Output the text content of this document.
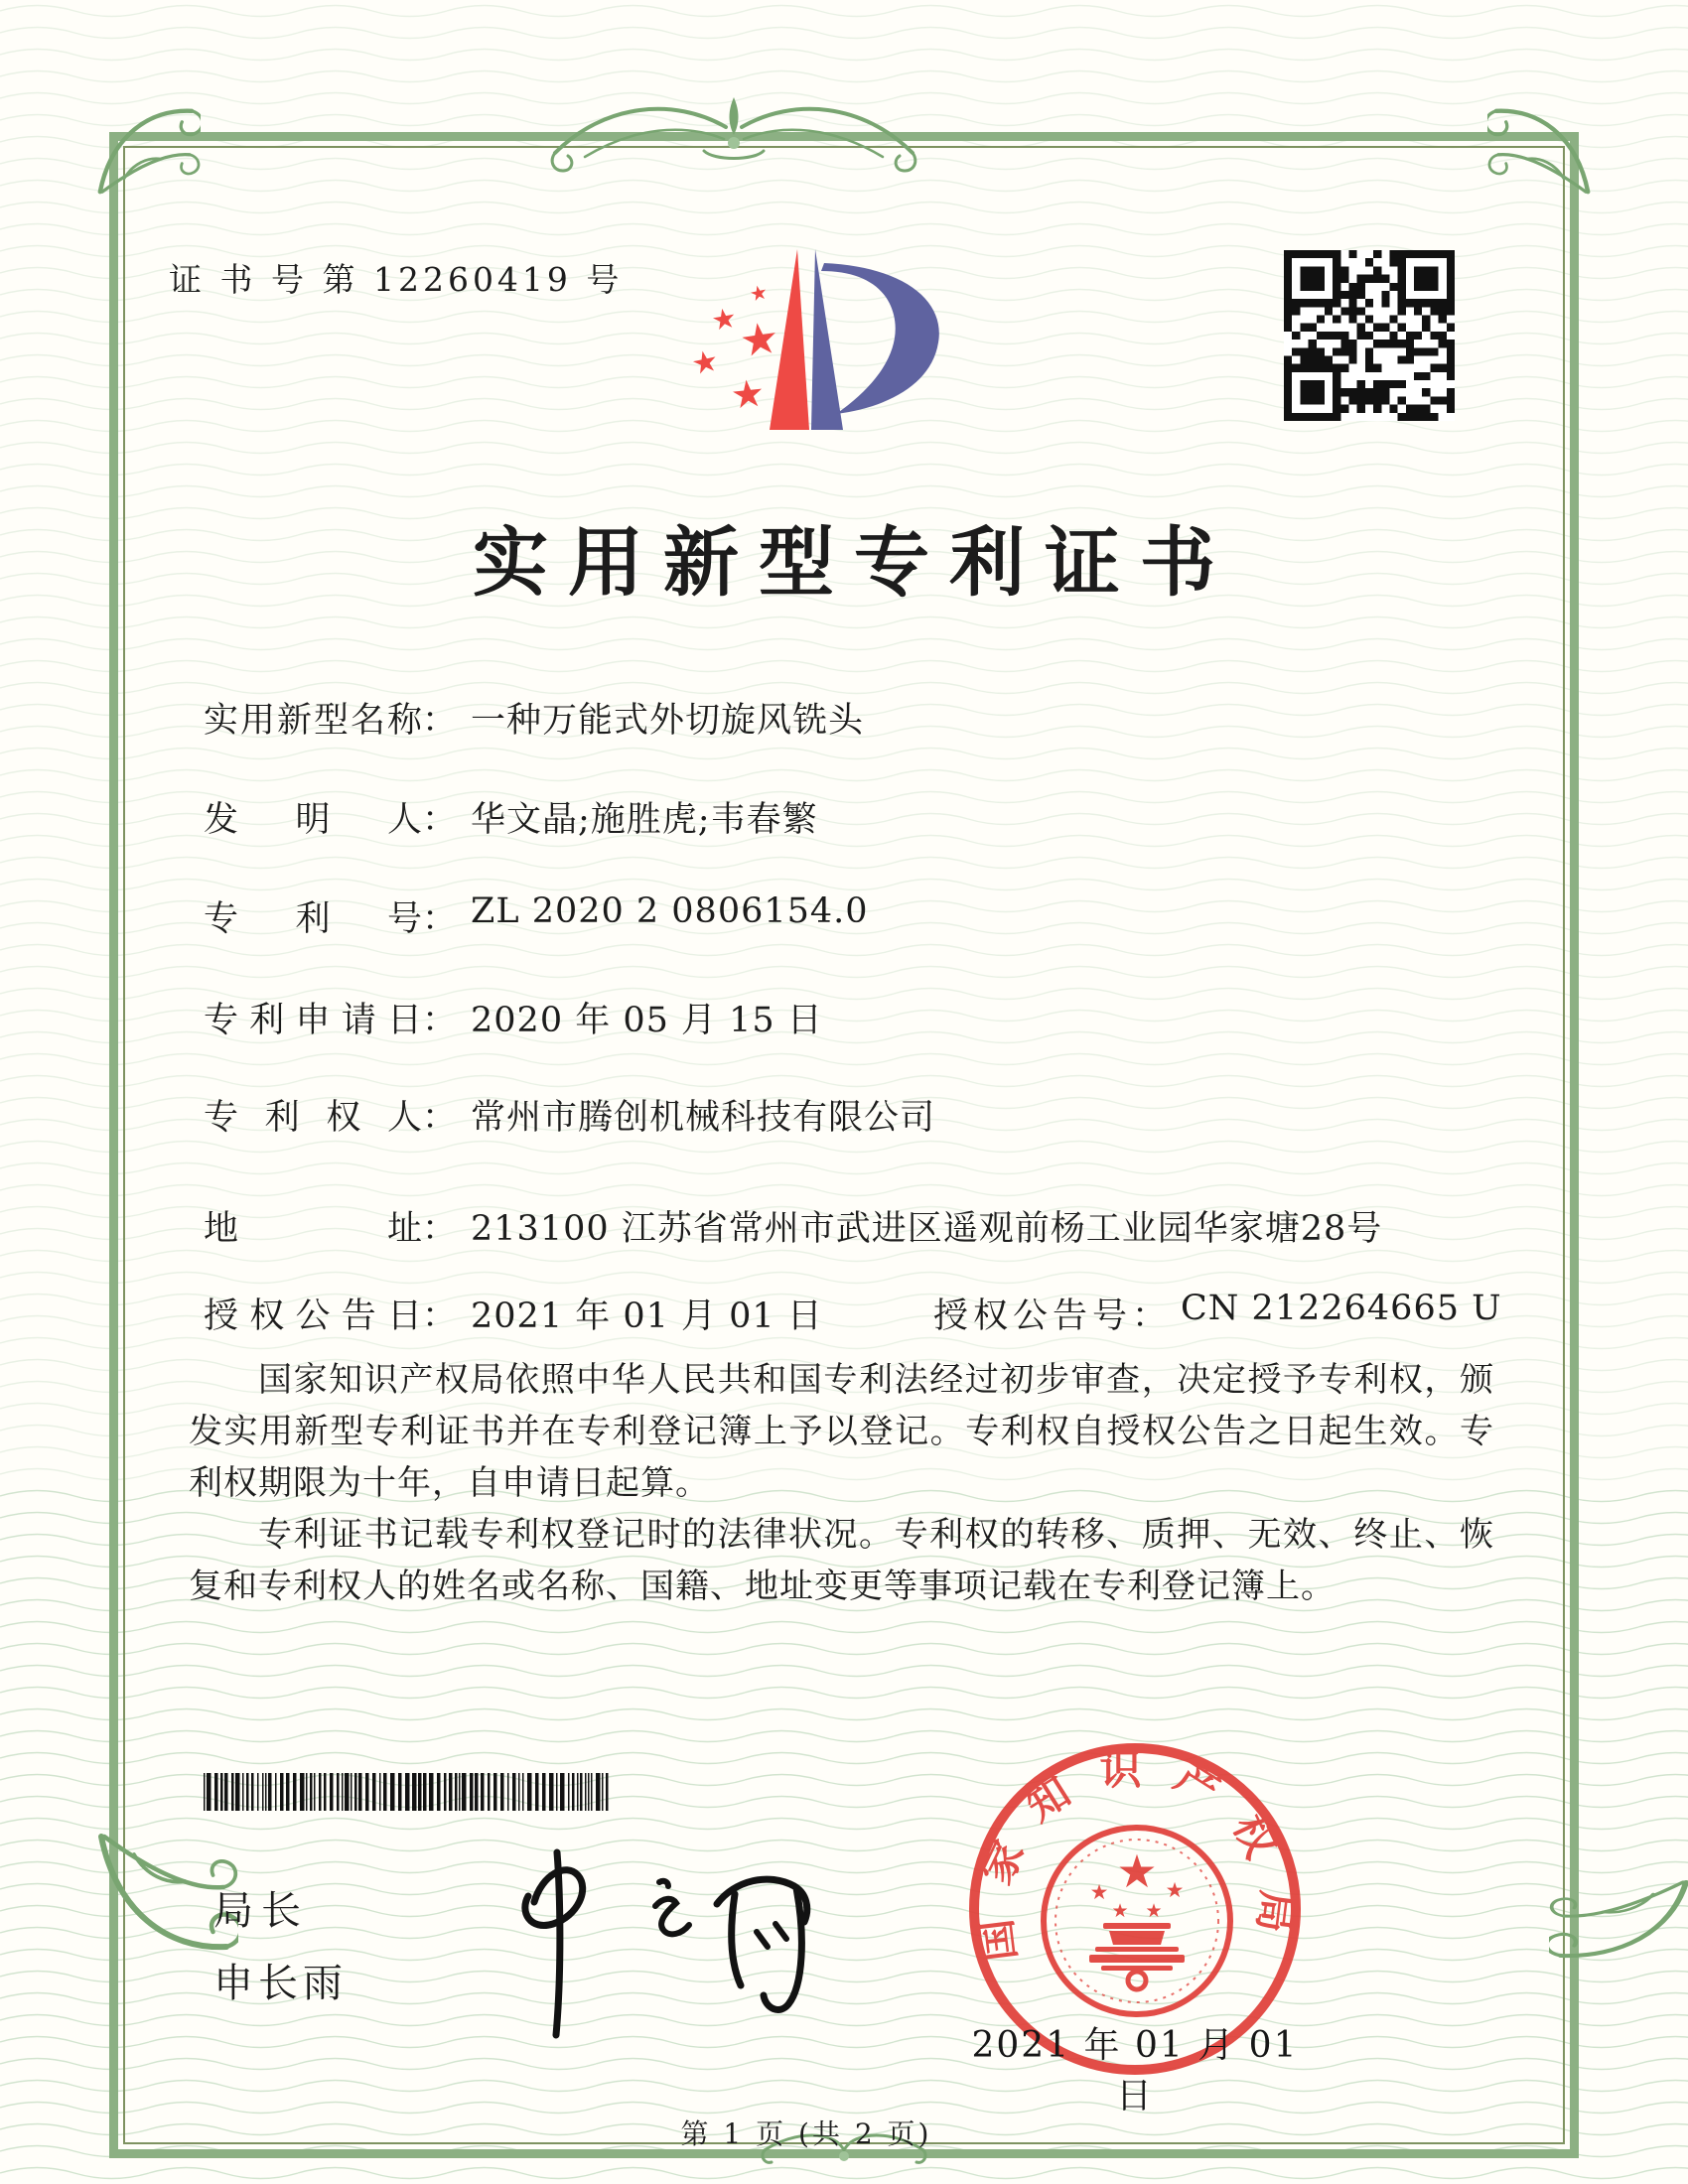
证 书 号 第 12260419 号	★
★
★
★
★
实用新型专利证书
实用新型名称： 一种万能式外切旋风铣头
发明人： 华文晶;施胜虎;韦春繁
专利号： ZL 2020 2 0806154.0
专利申请日： 2020 年 05 月 15 日
专利权人： 常州市腾创机械科技有限公司
地址： 213100 江苏省常州市武进区遥观前杨工业园华家塘28号
授权公告日： 2021 年 01 月 01 日	授权公告号： CN 212264665 U

国家知识产权局依照中华人民共和国专利法经过初步审查，决定授予专利权，颁发实用新型专利证书并在专利登记簿上予以登记。专利权自授权公告之日起生效。专利权期限为十年，自申请日起算。

专利证书记载专利权登记时的法律状况。专利权的转移、质押、无效、终止、恢复和专利权人的姓名或名称、国籍、地址变更等事项记载在专利登记簿上。

局长
申长雨
国家知识产权局
★
★	★
★ ★
2021 年 01 月 01 日
第 1 页 (共 2 页)
